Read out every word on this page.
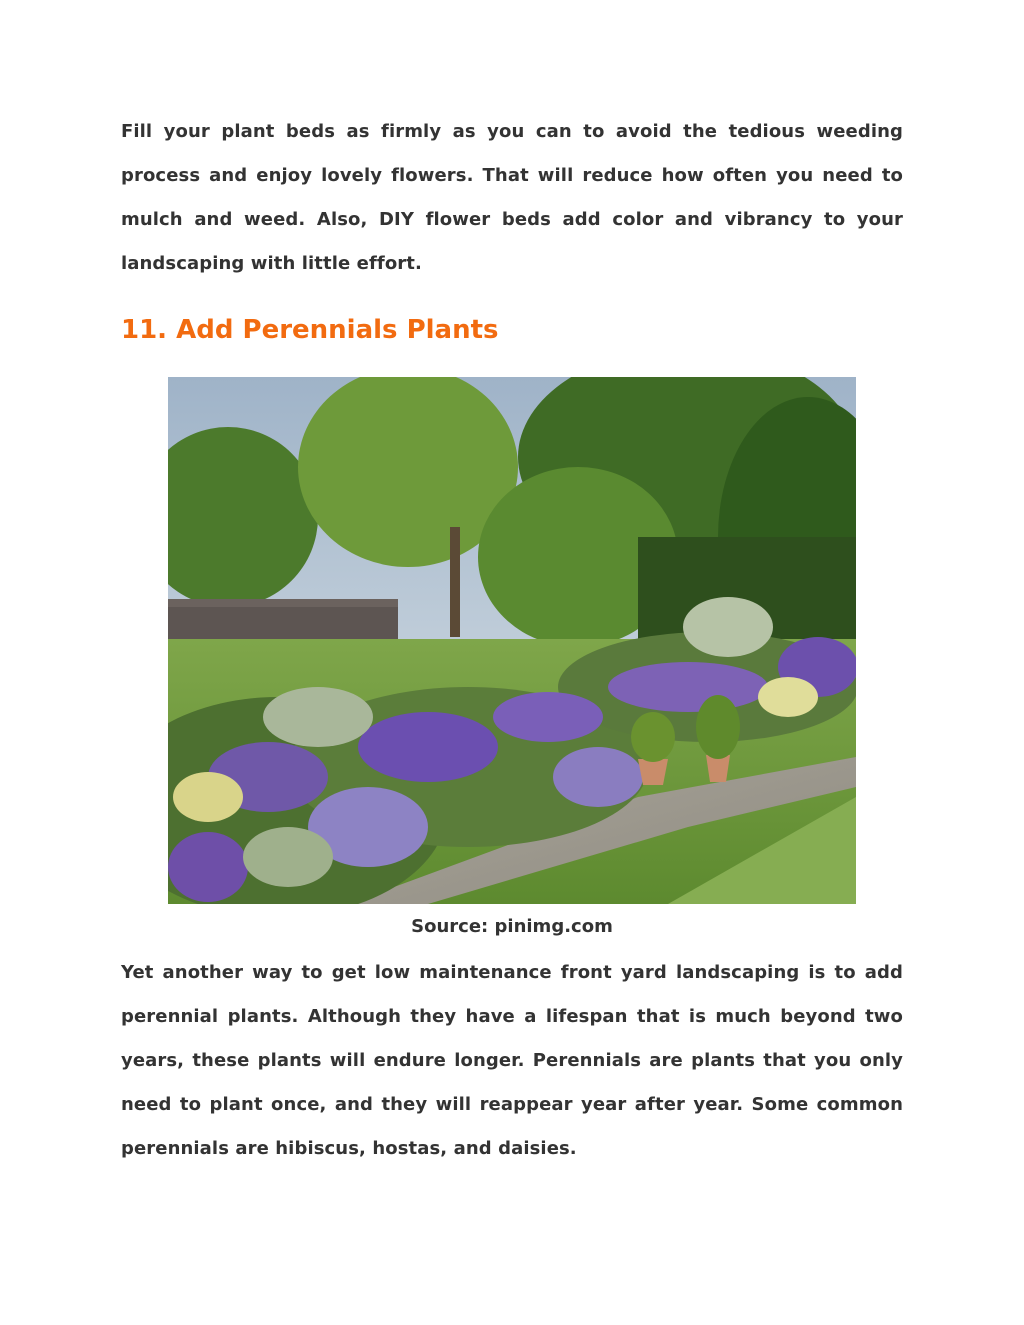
Fill your plant beds as firmly as you can to avoid the tedious weeding process and enjoy lovely flowers. That will reduce how often you need to mulch and weed. Also, DIY flower beds add color and vibrancy to your landscaping with little effort.

11. Add Perennials Plants

Source: pinimg.com

Yet another way to get low maintenance front yard landscaping is to add perennial plants. Although they have a lifespan that is much beyond two years, these plants will endure longer. Perennials are plants that you only need to plant once, and they will reappear year after year. Some common perennials are hibiscus, hostas, and daisies.
